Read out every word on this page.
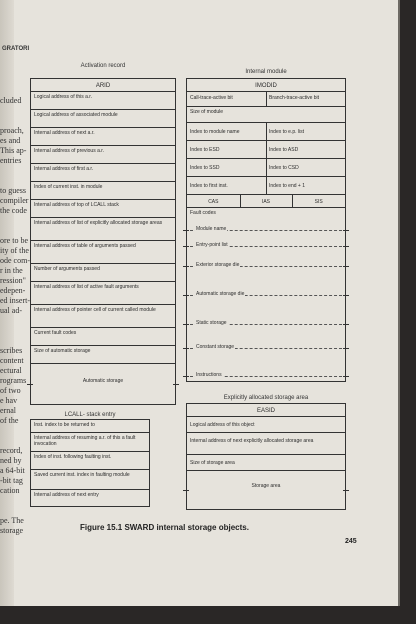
GRATORI
cluded
proach,
es and
This ap-
entries
to guess
compiler
the code
ore to be
ity of the
ode com-
r in the
ression"
edepen-
ed insert-
ual ad-
scribes
content
ectural
rograms
of two
e hav
ernal
of the
record,
ned by
a 64-bit
-bit tag
cation
pe. The
storage
Activation record
ARID
Logical address of this a.r.
Logical address of associated module
Internal address of next a.r.
Internal address of previous a.r.
Internal address of first a.r.
Index of current inst. in module
Internal address of top of LCALL stack
Internal address of list of explicitly allocated storage areas
Internal address of table of arguments passed
Number of arguments passed
Internal address of list of active fault arguments
Internal address of pointer cell of current called module
Current fault codes
Size of automatic storage
Automatic storage
Internal module
IMODID
Call-trace-active bit	Branch-trace-active bit
Size of module
Index to module name	Index to e.p. list
Index to ESD	Index to ASD
Index to SSD	Index to CSD
Index to first inst.	Index to end + 1
CAS	IAS	SIS
Fault codes
Module name
Entry-point list
Exterior storage die
Automatic storage die
Static storage
Constant storage
Instructions
LCALL- stack entry
Inst. index to be returned to
Internal address of resuming a.r. of this a fault invocation
Index of inst. following faulting inst.
Saved current inst. index in faulting module
Internal address of next entry
Explicitly allocated storage area
EASID
Logical address of this object
Internal address of next explicitly allocated storage area
Size of storage area
Storage area
Figure 15.1 SWARD internal storage objects.
245
